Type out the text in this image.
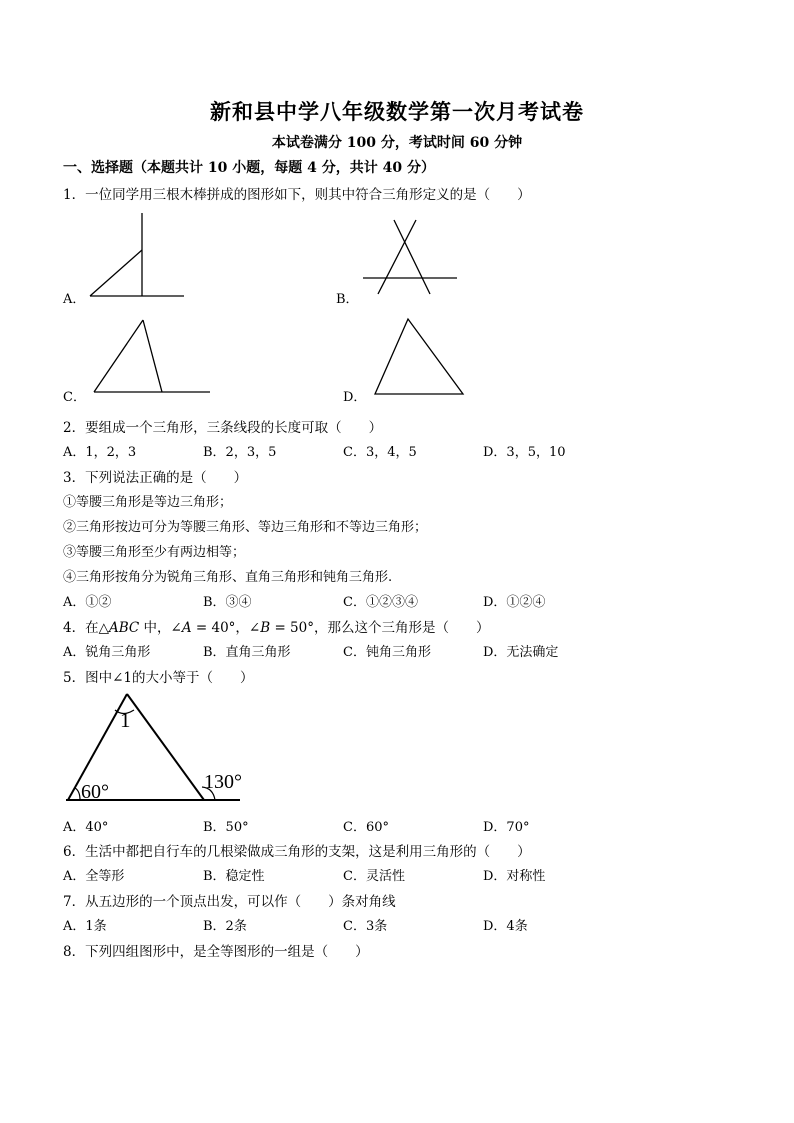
新和县中学八年级数学第一次月考试卷
本试卷满分 100 分，考试时间 60 分钟
一、选择题（本题共计 10 小题，每题 4 分，共计 40 分）
1．一位同学用三根木棒拼成的图形如下，则其中符合三角形定义的是（　　）
A．	B．
C．	D．
2．要组成一个三角形，三条线段的长度可取（　　）
A．1，2，3	B．2，3，5	C．3，4，5	D．3，5，10
3．下列说法正确的是（　　）
①等腰三角形是等边三角形；
②三角形按边可分为等腰三角形、等边三角形和不等边三角形；
③等腰三角形至少有两边相等；
④三角形按角分为锐角三角形、直角三角形和钝角三角形.
A．①②	B．③④	C．①②③④	D．①②④
4．在△ABC 中，∠A = 40°，∠B = 50°，那么这个三角形是（　　）
A．锐角三角形	B．直角三角形	C．钝角三角形	D．无法确定
5．图中∠1的大小等于（　　）
1
60°	130°
A．40°	B．50°	C．60°	D．70°
6．生活中都把自行车的几根梁做成三角形的支架，这是利用三角形的（　　）
A．全等形	B．稳定性	C．灵活性	D．对称性
7．从五边形的一个顶点出发，可以作（　　）条对角线
A．1条	B．2条	C．3条	D．4条
8．下列四组图形中，是全等图形的一组是（　　）
